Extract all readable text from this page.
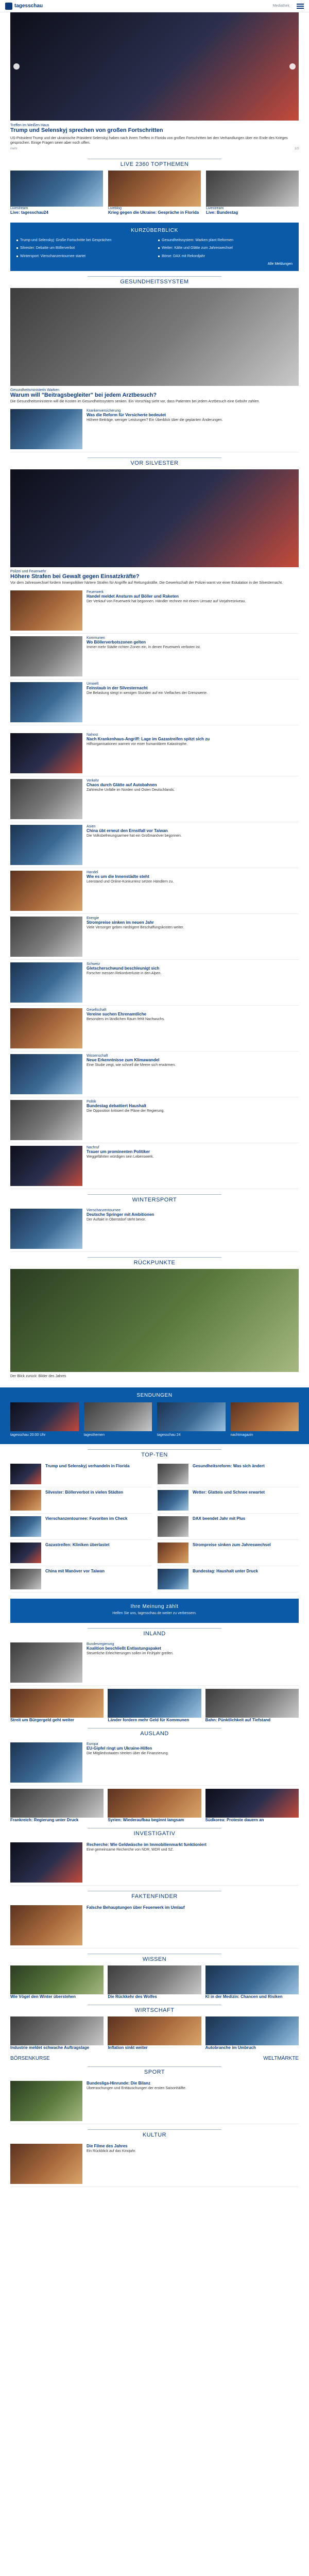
tagesschau	Mediathek
Treffen im Weißen Haus
Trump und Selenskyj sprechen von großen Fortschritten
US-Präsident Trump und der ukrainische Präsident Selenskyj haben nach ihrem Treffen in Florida von großen Fortschritten bei den Verhandlungen über ein Ende des Krieges gesprochen. Einige Fragen seien aber noch offen.
mehr	1/3
LIVE 2360 TOPTHEMEN
Livestream
Live: tagesschau24
Liveblog
Krieg gegen die Ukraine: Gespräche in Florida
Livestream
Live: Bundestag
KURZÜBERBLICK
Trump und Selenskyj: Große Fortschritte bei Gesprächen	Gesundheitssystem: Warken plant Reformen
Silvester: Debatte um Böllerverbot	Wetter: Kälte und Glätte zum Jahreswechsel
Wintersport: Vierschanzentournee startet	Börse: DAX mit Rekordjahr
Alle Meldungen
GESUNDHEITSSYSTEM
Gesundheitsministerin Warken
Warum will "Beitragsbegleiter" bei jedem Arztbesuch?
Die Gesundheitsministerin will die Kosten im Gesundheitssystem senken. Ein Vorschlag sieht vor, dass Patienten bei jedem Arztbesuch eine Gebühr zahlen.
Krankenversicherung
Was die Reform für Versicherte bedeutet
Höhere Beiträge, weniger Leistungen? Ein Überblick über die geplanten Änderungen.
VOR SILVESTER
Polizei und Feuerwehr
Höhere Strafen bei Gewalt gegen Einsatzkräfte?
Vor dem Jahreswechsel fordern Innenpolitiker härtere Strafen für Angriffe auf Rettungskräfte. Die Gewerkschaft der Polizei warnt vor einer Eskalation in der Silvesternacht.
Feuerwerk
Handel meldet Ansturm auf Böller und Raketen
Der Verkauf von Feuerwerk hat begonnen. Händler rechnen mit einem Umsatz auf Vorjahresniveau.
Kommunen
Wo Böllerverbotszonen gelten
Immer mehr Städte richten Zonen ein, in denen Feuerwerk verboten ist.
Umwelt
Feinstaub in der Silvesternacht
Die Belastung steigt in wenigen Stunden auf ein Vielfaches der Grenzwerte.
Nahost
Nach Krankenhaus-Angriff: Lage im Gazastreifen spitzt sich zu
Hilfsorganisationen warnen vor einer humanitären Katastrophe.
Verkehr
Chaos durch Glätte auf Autobahnen
Zahlreiche Unfälle im Norden und Osten Deutschlands.
Asien
China übt erneut den Ernstfall vor Taiwan
Die Volksbefreiungsarmee hat ein Großmanöver begonnen.
Handel
Wie es um die Innenstädte steht
Leerstand und Online-Konkurrenz setzen Händlern zu.
Energie
Strompreise sinken im neuen Jahr
Viele Versorger geben niedrigere Beschaffungskosten weiter.
Schweiz
Gletscherschwund beschleunigt sich
Forscher messen Rekordverluste in den Alpen.
Gesellschaft
Vereine suchen Ehrenamtliche
Besonders im ländlichen Raum fehlt Nachwuchs.
Wissenschaft
Neue Erkenntnisse zum Klimawandel
Eine Studie zeigt, wie schnell die Meere sich erwärmen.
Politik
Bundestag debattiert Haushalt
Die Opposition kritisiert die Pläne der Regierung.
Nachruf
Trauer um prominenten Politiker
Weggefährten würdigen sein Lebenswerk.
WINTERSPORT
Vierschanzentournee
Deutsche Springer mit Ambitionen
Der Auftakt in Oberstdorf steht bevor.
RÜCKPUNKTE
Der Blick zurück: Bilder des Jahres
SENDUNGEN
tagesschau 20:00 Uhr	tagesthemen	tagesschau 24	nachtmagazin
TOP-TEN
Trump und Selenskyj verhandeln in Florida	Gesundheitsreform: Was sich ändert
Silvester: Böllerverbot in vielen Städten	Wetter: Glatteis und Schnee erwartet
Vierschanzentournee: Favoriten im Check	DAX beendet Jahr mit Plus
Gazastreifen: Kliniken überlastet	Strompreise sinken zum Jahreswechsel
China mit Manöver vor Taiwan	Bundestag: Haushalt unter Druck
Ihre Meinung zählt
Helfen Sie uns, tagesschau.de weiter zu verbessern.
INLAND
Bundesregierung
Koalition beschließt Entlastungspaket
Steuerliche Erleichterungen sollen im Frühjahr greifen.
Streit um Bürgergeld geht weiter	Länder fordern mehr Geld für Kommunen	Bahn: Pünktlichkeit auf Tiefstand
AUSLAND
Europa
EU-Gipfel ringt um Ukraine-Hilfen
Die Mitgliedsstaaten streiten über die Finanzierung.
Frankreich: Regierung unter Druck	Syrien: Wiederaufbau beginnt langsam	Südkorea: Proteste dauern an
INVESTIGATIV
Recherche: Wie Geldwäsche im Immobilienmarkt funktioniert
Eine gemeinsame Recherche von NDR, WDR und SZ.
FAKTENFINDER
Falsche Behauptungen über Feuerwerk im Umlauf
WISSEN
Wie Vögel den Winter überstehen	Die Rückkehr des Wolfes	KI in der Medizin: Chancen und Risiken
WIRTSCHAFT
Industrie meldet schwache Auftragslage	Inflation sinkt weiter	Autobranche im Umbruch
BÖRSENKURSE	WELTMÄRKTE
SPORT
Bundesliga-Hinrunde: Die Bilanz
Überraschungen und Enttäuschungen der ersten Saisonhälfte.
KULTUR
Die Filme des Jahres
Ein Rückblick auf das Kinojahr.
